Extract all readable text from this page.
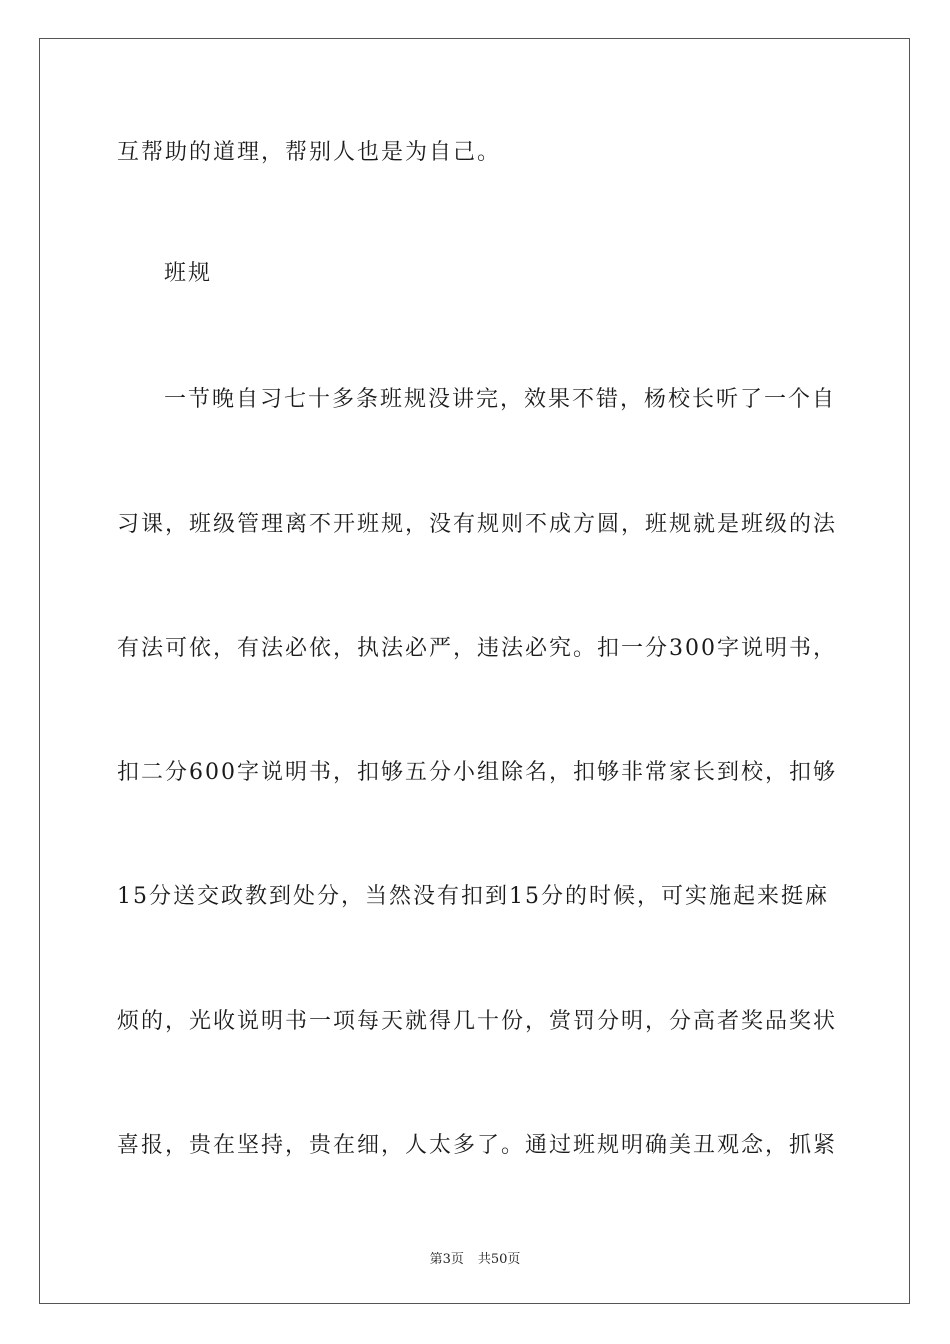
互帮助的道理，帮别人也是为自己。
班规
一节晚自习七十多条班规没讲完，效果不错，杨校长听了一个自
习课，班级管理离不开班规，没有规则不成方圆，班规就是班级的法
有法可依，有法必依，执法必严，违法必究。扣一分300字说明书，
扣二分600字说明书，扣够五分小组除名，扣够非常家长到校，扣够
15分送交政教到处分，当然没有扣到15分的时候，可实施起来挺麻
烦的，光收说明书一项每天就得几十份，赏罚分明，分高者奖品奖状
喜报，贵在坚持，贵在细，人太多了。通过班规明确美丑观念，抓紧
第3页 共50页
